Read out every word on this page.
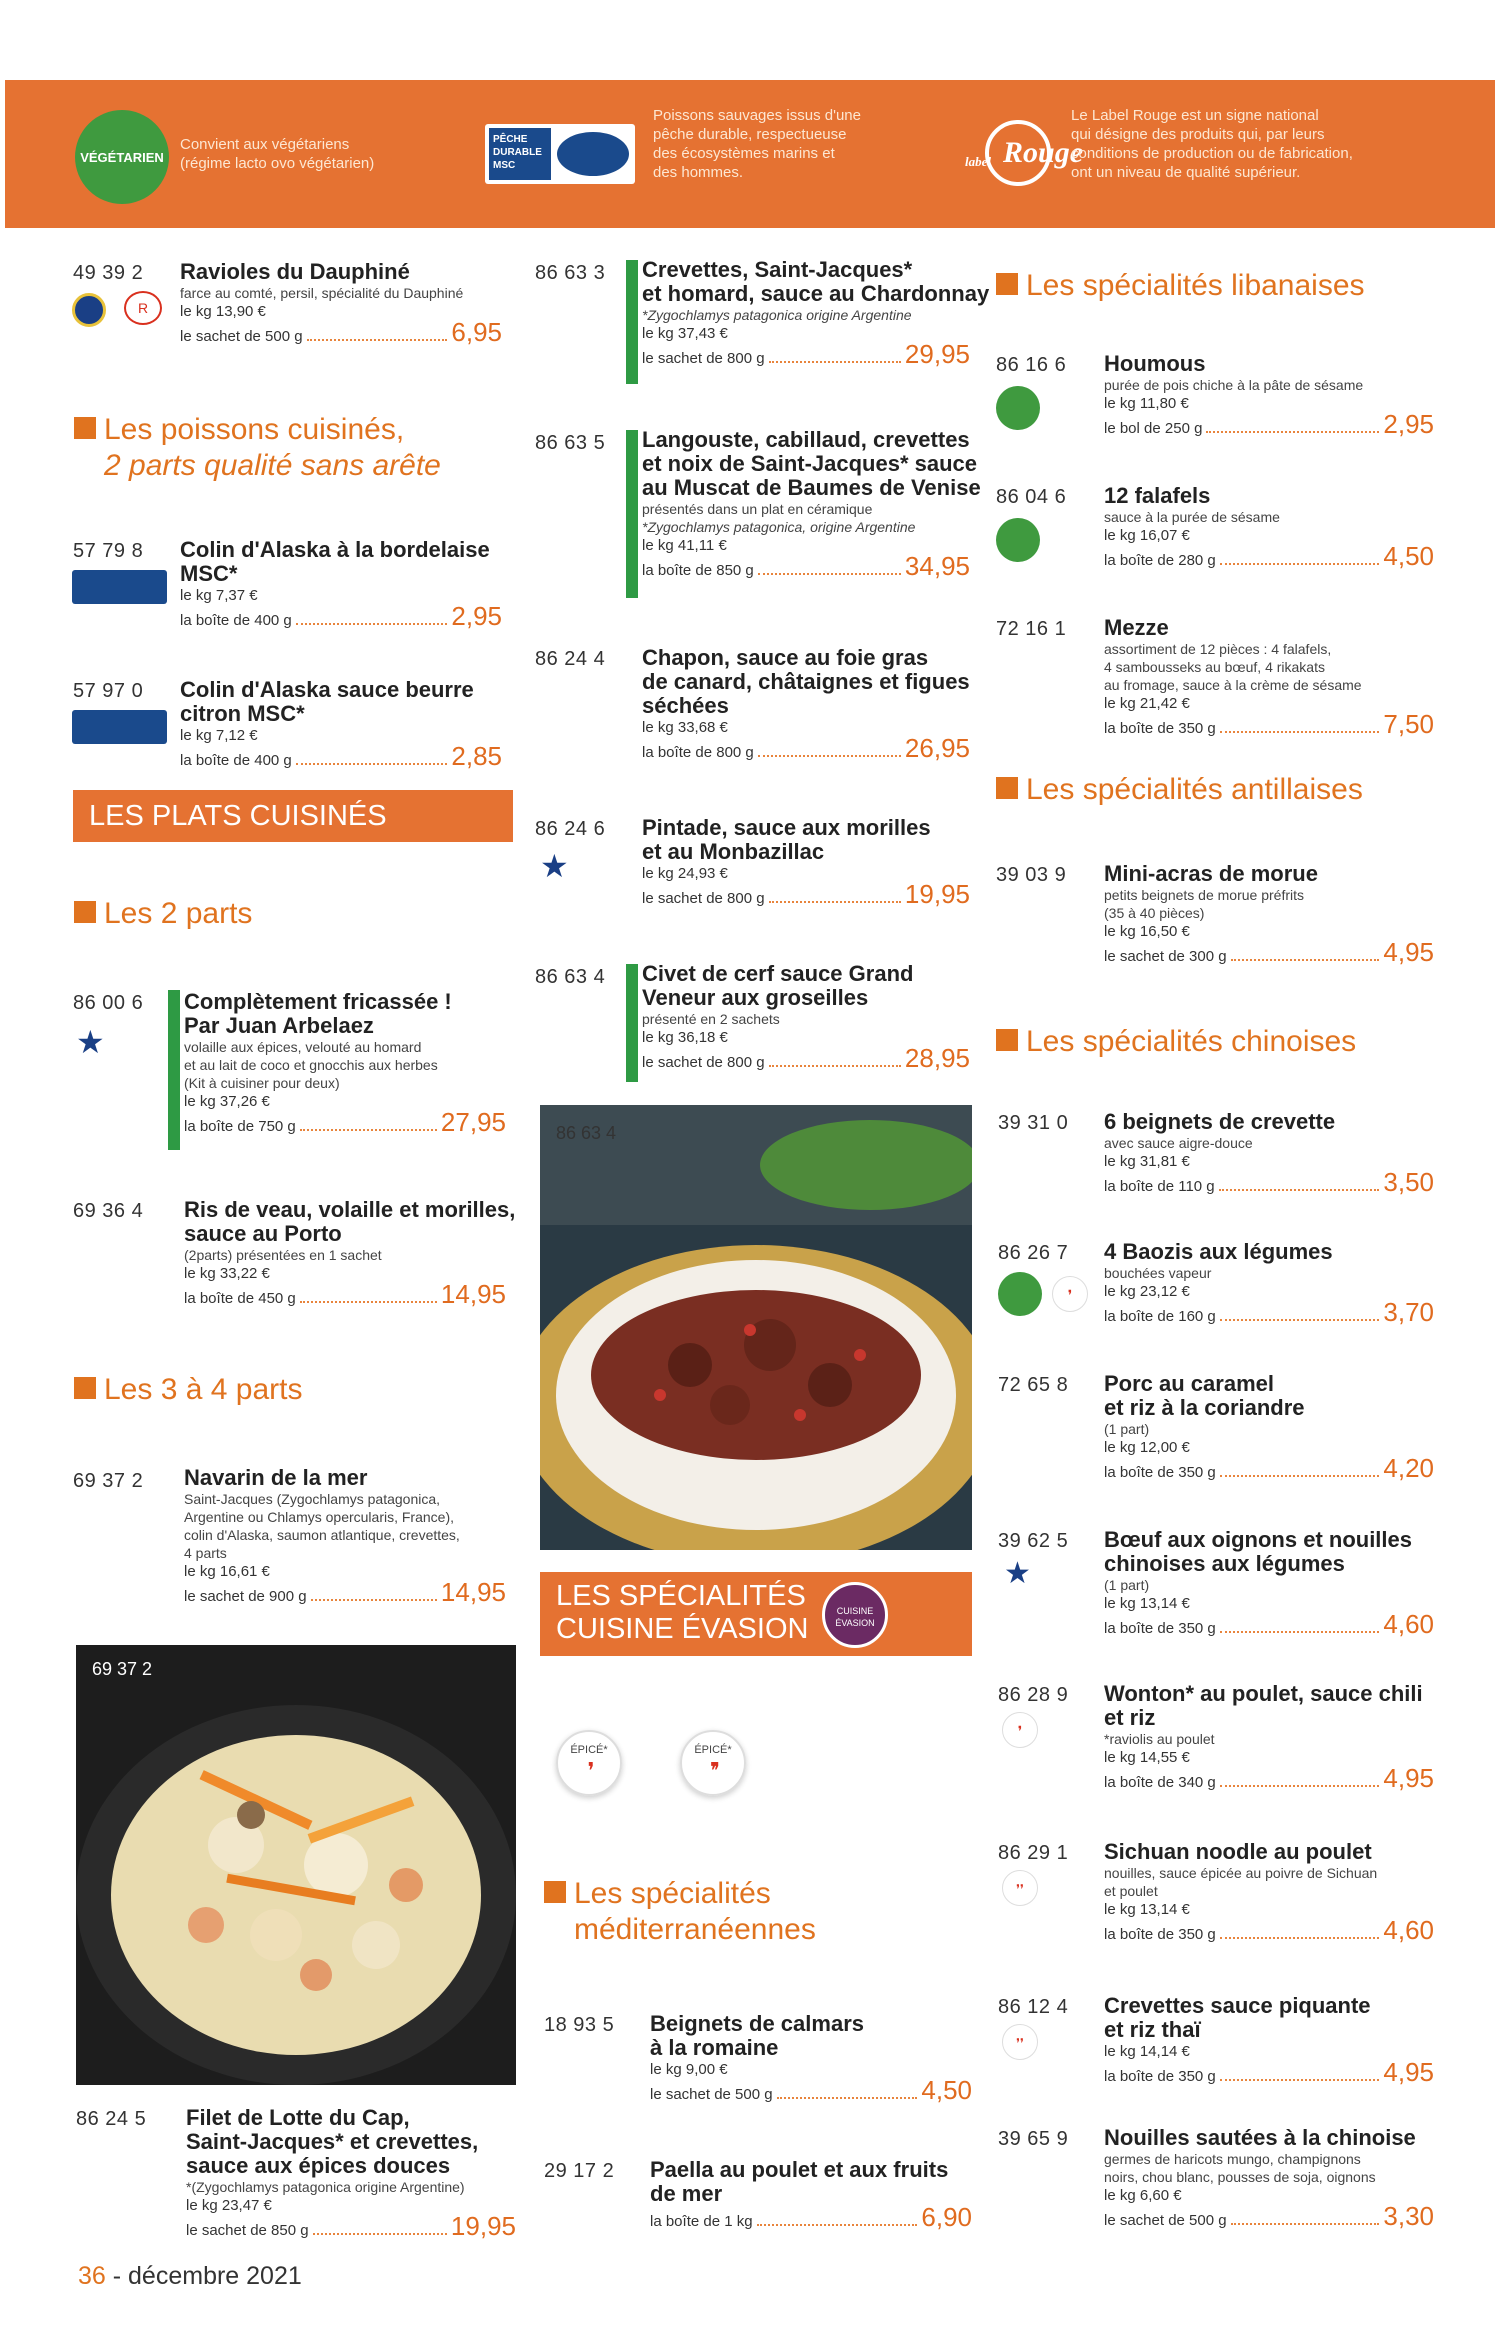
VÉGÉTARIEN
Convient aux végétariens
(régime lacto ovo végétarien)
PÊCHE
DURABLE
MSC
Poissons sauvages issus d'une
pêche durable, respectueuse
des écosystèmes marins et
des hommes.
label Rouge
Le Label Rouge est un signe national
qui désigne des produits qui, par leurs
conditions de production ou de fabrication,
ont un niveau de qualité supérieur.
49 39 2
R
Ravioles du Dauphiné
farce au comté, persil, spécialité du Dauphiné
le kg 13,90 €
le sachet de 500 g	6,95
Les poissons cuisinés,
2 parts qualité sans arête
57 79 8 Colin d'Alaska à la bordelaise
MSC*
le kg 7,37 €
la boîte de 400 g	2,95
57 97 0 Colin d'Alaska sauce beurre
citron MSC*
le kg 7,12 €
la boîte de 400 g	2,85
LES PLATS CUISINÉS FESTIFS
Les 2 parts
86 00 6
★
Complètement fricassée !
Par Juan Arbelaez
volaille aux épices, velouté au homard
et au lait de coco et gnocchis aux herbes
(Kit à cuisiner pour deux)
le kg 37,26 €
la boîte de 750 g	27,95
69 36 4 Ris de veau, volaille et morilles,
sauce au Porto
(2parts) présentées en 1 sachet
le kg 33,22 €
la boîte de 450 g	14,95
Les 3 à 4 parts
69 37 2 Navarin de la mer
Saint-Jacques (Zygochlamys patagonica,
Argentine ou Chlamys opercularis, France),
colin d'Alaska, saumon atlantique, crevettes,
4 parts
le kg 16,61 €
le sachet de 900 g	14,95
69 37 2
86 24 5 Filet de Lotte du Cap,
Saint-Jacques* et crevettes,
sauce aux épices douces
*(Zygochlamys patagonica origine Argentine)
le kg 23,47 €
le sachet de 850 g	19,95
86 63 3 Crevettes, Saint-Jacques*
et homard, sauce au Chardonnay
*Zygochlamys patagonica origine Argentine
le kg 37,43 €
le sachet de 800 g	29,95
86 63 5 Langouste, cabillaud, crevettes
et noix de Saint-Jacques* sauce
au Muscat de Baumes de Venise
présentés dans un plat en céramique
*Zygochlamys patagonica, origine Argentine
le kg 41,11 €
la boîte de 850 g	34,95
86 24 4 Chapon, sauce au foie gras
de canard, châtaignes et figues
séchées
le kg 33,68 €
la boîte de 800 g	26,95
86 24 6
★
Pintade, sauce aux morilles
et au Monbazillac
le kg 24,93 €
le sachet de 800 g	19,95
86 63 4 Civet de cerf sauce Grand
Veneur aux groseilles
présenté en 2 sachets
le kg 36,18 €
le sachet de 800 g	28,95
86 63 4
LES SPÉCIALITÉS
CUISINE ÉVASION
CUISINE
ÉVASION
ÉPICÉ*
❜
ÉPICÉ*
❜❜
Les spécialités
méditerranéennes
18 93 5 Beignets de calmars
à la romaine
le kg 9,00 €
le sachet de 500 g	4,50
29 17 2 Paella au poulet et aux fruits
de mer
la boîte de 1 kg	6,90
Les spécialités libanaises
86 16 6 Houmous
purée de pois chiche à la pâte de sésame
le kg 11,80 €
le bol de 250 g	2,95
86 04 6 12 falafels
sauce à la purée de sésame
le kg 16,07 €
la boîte de 280 g	4,50
72 16 1 Mezze
assortiment de 12 pièces : 4 falafels,
4 sambousseks au bœuf, 4 rikakats
au fromage, sauce à la crème de sésame
le kg 21,42 €
la boîte de 350 g	7,50
Les spécialités antillaises
39 03 9 Mini-acras de morue
petits beignets de morue préfrits
(35 à 40 pièces)
le kg 16,50 €
le sachet de 300 g	4,95
Les spécialités chinoises
39 31 0 6 beignets de crevette
avec sauce aigre-douce
le kg 31,81 €
la boîte de 110 g	3,50
86 26 7
❜
4 Baozis aux légumes
bouchées vapeur
le kg 23,12 €
la boîte de 160 g	3,70
72 65 8 Porc au caramel
et riz à la coriandre
(1 part)
le kg 12,00 €
la boîte de 350 g	4,20
39 62 5
★
Bœuf aux oignons et nouilles
chinoises aux légumes
(1 part)
le kg 13,14 €
la boîte de 350 g	4,60
86 28 9
❜
Wonton* au poulet, sauce chili
et riz
*raviolis au poulet
le kg 14,55 €
la boîte de 340 g	4,95
86 29 1
❜❜
Sichuan noodle au poulet
nouilles, sauce épicée au poivre de Sichuan
et poulet
le kg 13,14 €
la boîte de 350 g	4,60
86 12 4
❜❜
Crevettes sauce piquante
et riz thaï
le kg 14,14 €
la boîte de 350 g	4,95
39 65 9 Nouilles sautées à la chinoise
germes de haricots mungo, champignons
noirs, chou blanc, pousses de soja, oignons
le kg 6,60 €
le sachet de 500 g	3,30
36 - décembre 2021
